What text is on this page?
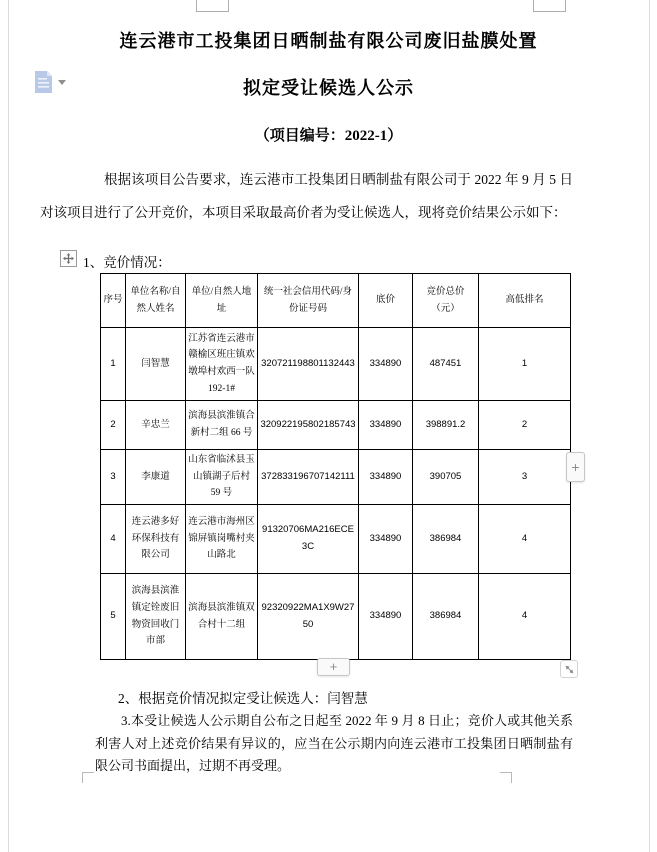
连云港市工投集团日晒制盐有限公司废旧盐膜处置
拟定受让候选人公示
（项目编号：2022-1）
根据该项目公告要求，连云港市工投集团日晒制盐有限公司于 2022 年 9 月 5 日对该项目进行了公开竞价，本项目采取最高价者为受让候选人，现将竞价结果公示如下：
1、竞价情况：
序号	单位名称/自然人姓名	单位/自然人地址	统一社会信用代码/身份证号码	底价	竞价总价（元）	高低排名
1	闫智慧	江苏省连云港市赣榆区班庄镇欢墩埠村欢西一队 192-1#	320721198801132443	334890	487451	1
2	辛忠兰	滨海县滨淮镇合新村二组 66 号	320922195802185743	334890	398891.2	2
3	李康道	山东省临沭县玉山镇湖子后村 59 号	372833196707142111	334890	390705	3
4	连云港多好环保科技有限公司	连云港市海州区锦屏镇岗嘴村夹山路北	91320706MA216ECE3C	334890	386984	4
5	滨海县滨淮镇定铨废旧物资回收门市部	滨海县滨淮镇双合村十二组	92320922MA1X9W2750	334890	386984	4
+
+
2、根据竞价情况拟定受让候选人：闫智慧
3.本受让候选人公示期自公布之日起至 2022 年 9 月 8 日止；竞价人或其他关系利害人对上述竞价结果有异议的，应当在公示期内向连云港市工投集团日晒制盐有限公司书面提出，过期不再受理。
